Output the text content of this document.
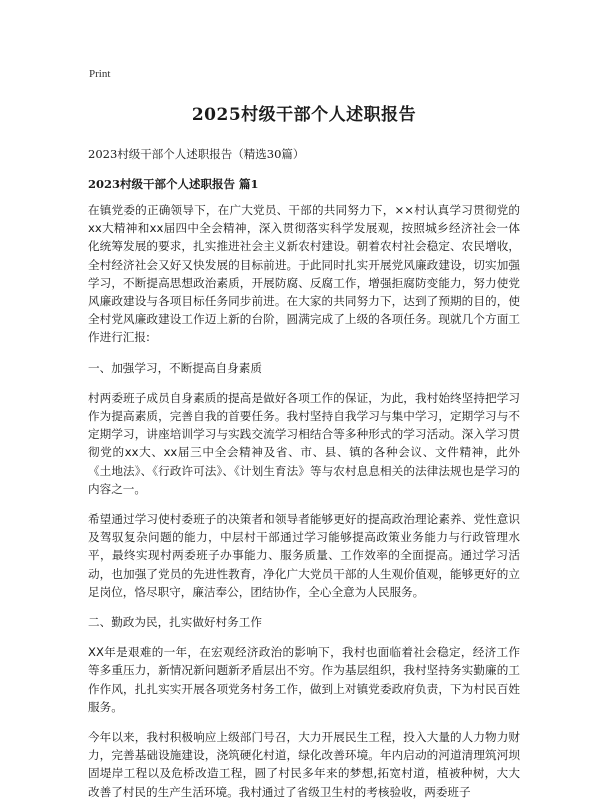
Print
2025村级干部个人述职报告
2023村级干部个人述职报告（精选30篇）
2023村级干部个人述职报告 篇1

在镇党委的正确领导下，在广大党员、干部的共同努力下，××村认真学习贯彻党的xx大精神和xx届四中全会精神，深入贯彻落实科学发展观，按照城乡经济社会一体化统筹发展的要求，扎实推进社会主义新农村建设。朝着农村社会稳定、农民增收，全村经济社会又好又快发展的目标前进。于此同时扎实开展党风廉政建设，切实加强学习，不断提高思想政治素质，开展防腐、反腐工作，增强拒腐防变能力，努力使党风廉政建设与各项目标任务同步前进。在大家的共同努力下，达到了预期的目的，使全村党风廉政建设工作迈上新的台阶，圆满完成了上级的各项任务。现就几个方面工作进行汇报:

一、加强学习，不断提高自身素质

村两委班子成员自身素质的提高是做好各项工作的保证，为此，我村始终坚持把学习作为提高素质，完善自我的首要任务。我村坚持自我学习与集中学习，定期学习与不定期学习，讲座培训学习与实践交流学习相结合等多种形式的学习活动。深入学习贯彻党的xx大、xx届三中全会精神及省、市、县、镇的各种会议、文件精神，此外《土地法》、《行政许可法》、《计划生育法》等与农村息息相关的法律法规也是学习的内容之一。

希望通过学习使村委班子的决策者和领导者能够更好的提高政治理论素养、党性意识及驾驭复杂问题的能力，中层村干部通过学习能够提高政策业务能力与行政管理水平，最终实现村两委班子办事能力、服务质量、工作效率的全面提高。通过学习活动，也加强了党员的先进性教育，净化广大党员干部的人生观价值观，能够更好的立足岗位，恪尽职守，廉洁奉公，团结协作，全心全意为人民服务。

二、勤政为民，扎实做好村务工作

XX年是艰难的一年，在宏观经济政治的影响下，我村也面临着社会稳定，经济工作等多重压力，新情况新问题新矛盾层出不穷。作为基层组织，我村坚持务实勤廉的工作作风，扎扎实实开展各项党务村务工作，做到上对镇党委政府负责，下为村民百姓服务。

今年以来，我村积极响应上级部门号召，大力开展民生工程，投入大量的人力物力财力，完善基础设施建设，浇筑硬化村道，绿化改善环境。年内启动的河道清理筑河坝固堤岸工程以及危桥改造工程，圆了村民多年来的梦想,拓宽村道，植被种树，大大改善了村民的生产生活环境。我村通过了省级卫生村的考核验收，两委班子
